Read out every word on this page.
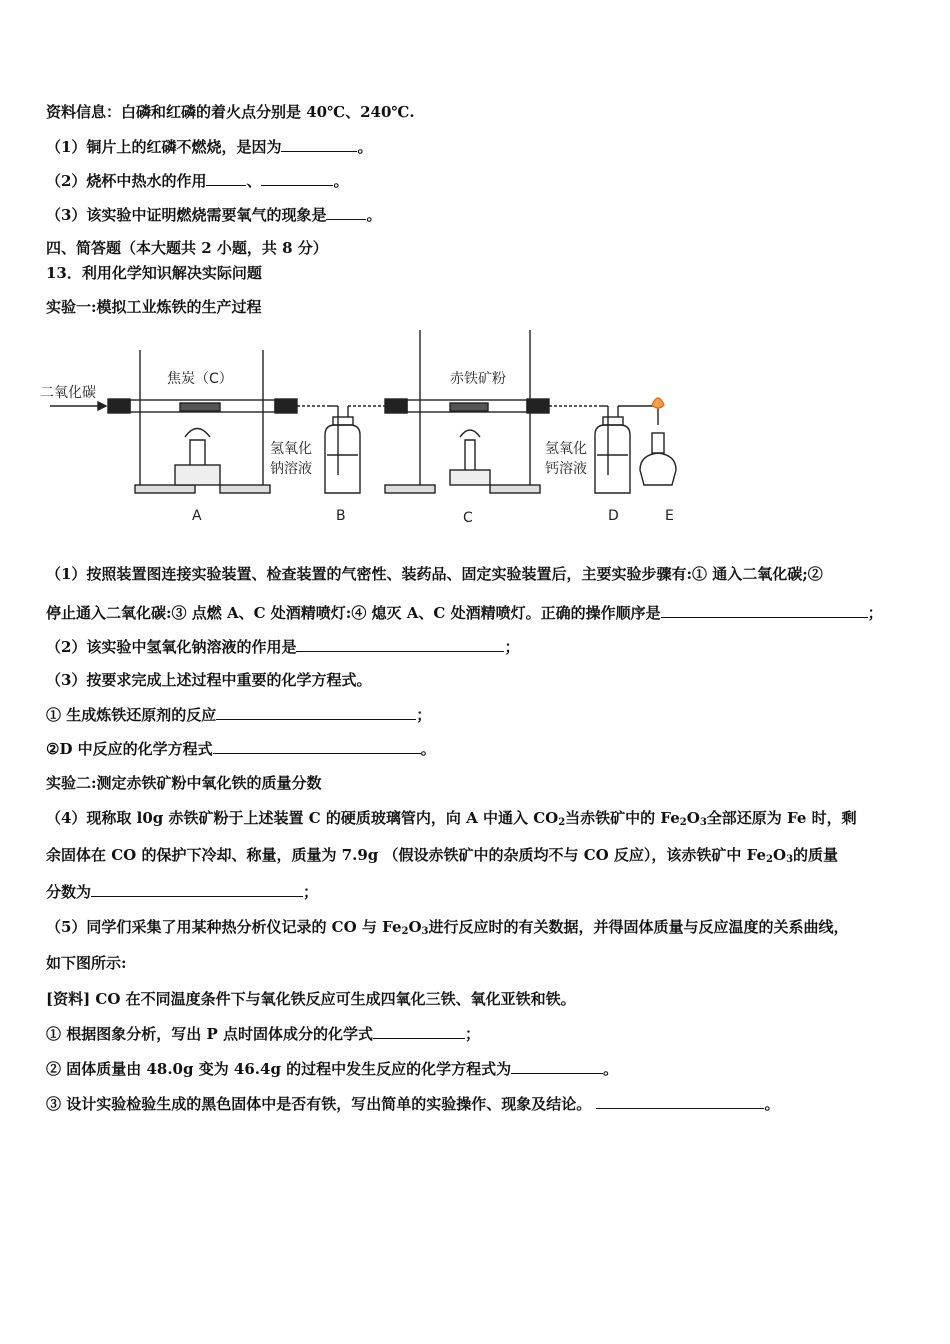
资料信息：白磷和红磷的着火点分别是 40℃、240℃.
（1）铜片上的红磷不燃烧，是因为	。
（2）烧杯中热水的作用	、	。
（3）该实验中证明燃烧需要氧气的现象是	。
四、简答题（本大题共 2 小题，共 8 分）
13．利用化学知识解决实际问题
实验一:模拟工业炼铁的生产过程
二氧化碳
焦炭（C）	赤铁矿粉
氢氧化
钠溶液
氢氧化
钙溶液
A	B	C	D	E
（1）按照装置图连接实验装置、检查装置的气密性、装药品、固定实验装置后，主要实验步骤有:① 通入二氧化碳;②
停止通入二氧化碳:③ 点燃 A、C 处酒精喷灯:④ 熄灭 A、C 处酒精喷灯。正确的操作顺序是	；
（2）该实验中氢氧化钠溶液的作用是	；
（3）按要求完成上述过程中重要的化学方程式。
① 生成炼铁还原剂的反应	；
②D 中反应的化学方程式	。
实验二:测定赤铁矿粉中氧化铁的质量分数
（4）现称取 l0g 赤铁矿粉于上述装置 C 的硬质玻璃管内，向 A 中通入 $CO_2$当赤铁矿中的 $Fe_2O_3$全部还原为 Fe 时，剩
余固体在 CO 的保护下冷却、称量，质量为 7.9g （假设赤铁矿中的杂质均不与 CO 反应），该赤铁矿中 $Fe_2O_3$的质量
分数为	；
（5）同学们采集了用某种热分析仪记录的 CO 与 $Fe_2O_3$进行反应时的有关数据，并得固体质量与反应温度的关系曲线，
如下图所示:
[资料] CO 在不同温度条件下与氧化铁反应可生成四氧化三铁、氧化亚铁和铁。
① 根据图象分析，写出 P 点时固体成分的化学式	；
② 固体质量由 48.0g 变为 46.4g 的过程中发生反应的化学方程式为	。
③ 设计实验检验生成的黑色固体中是否有铁，写出简单的实验操作、现象及结论。	。
